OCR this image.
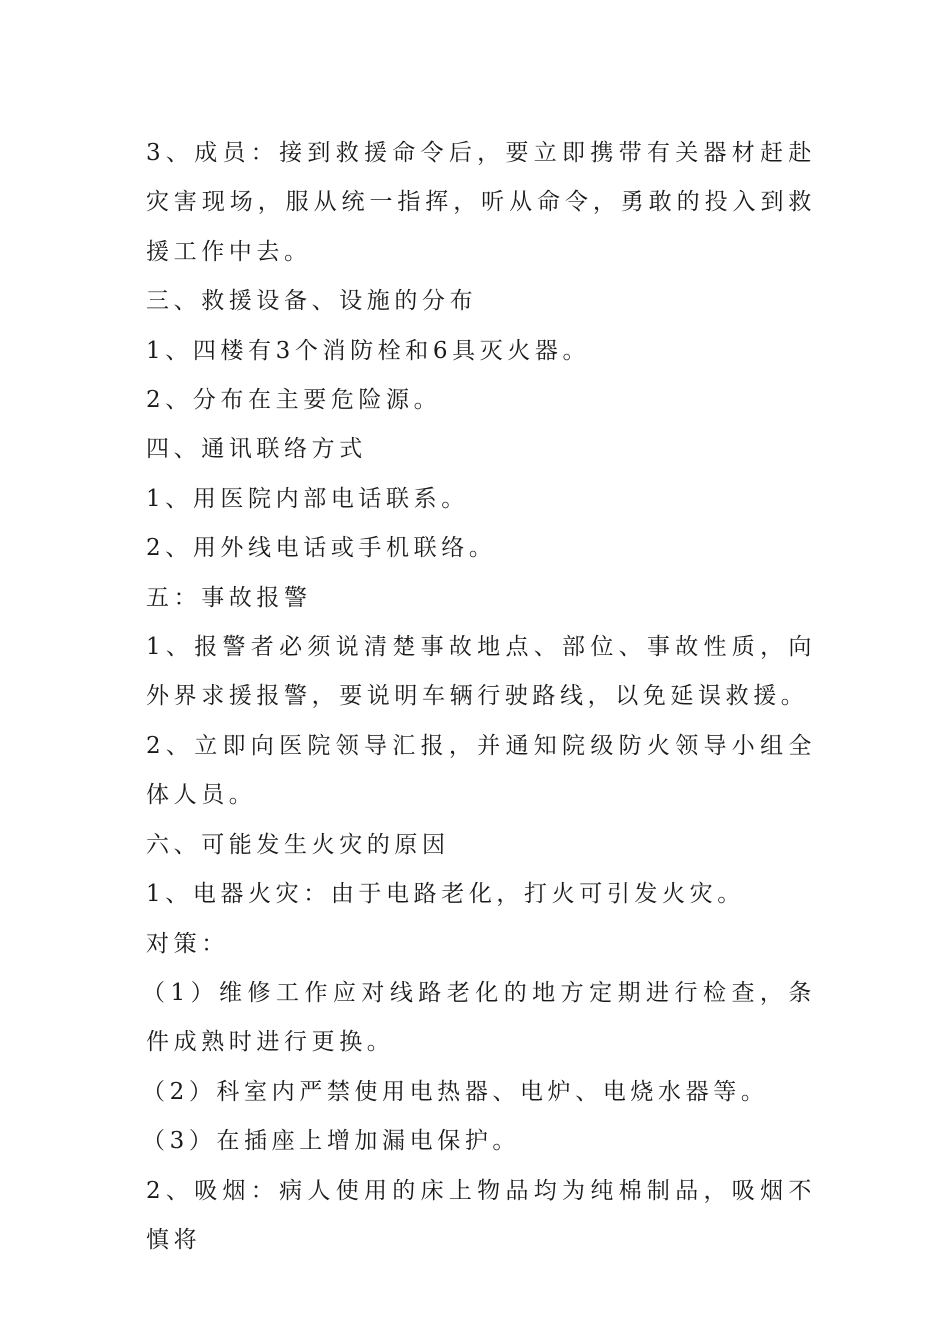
3、成员：接到救援命令后，要立即携带有关器材赶赴灾害现场，服从统一指挥，听从命令，勇敢的投入到救援工作中去。

三、救援设备、设施的分布

1、四楼有3个消防栓和6具灭火器。

2、分布在主要危险源。

四、通讯联络方式

1、用医院内部电话联系。

2、用外线电话或手机联络。

五：事故报警

1、报警者必须说清楚事故地点、部位、事故性质，向外界求援报警，要说明车辆行驶路线，以免延误救援。

2、立即向医院领导汇报，并通知院级防火领导小组全体人员。

六、可能发生火灾的原因

1、电器火灾：由于电路老化，打火可引发火灾。

对策：

（1）维修工作应对线路老化的地方定期进行检查，条件成熟时进行更换。

（2）科室内严禁使用电热器、电炉、电烧水器等。

（3）在插座上增加漏电保护。

2、吸烟：病人使用的床上物品均为纯棉制品，吸烟不慎将
